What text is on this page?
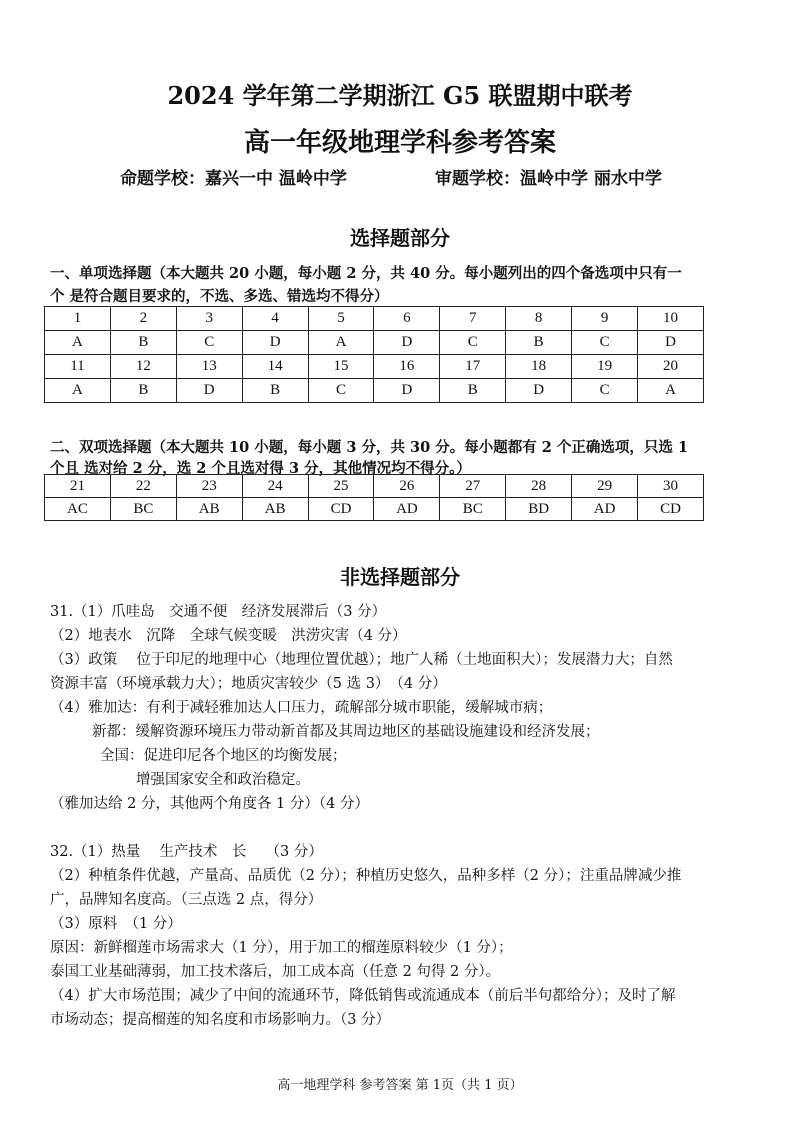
2024 学年第二学期浙江 G5 联盟期中联考
高一年级地理学科参考答案
命题学校：嘉兴一中 温岭中学	审题学校：温岭中学 丽水中学
选择题部分
一、单项选择题（本大题共 20 小题，每小题 2 分，共 40 分。每小题列出的四个备选项中只有一
个 是符合题目要求的，不选、多选、错选均不得分）
1	2	3	4	5	6	7	8	9	10
A	B	C	D	A	D	C	B	C	D
11	12	13	14	15	16	17	18	19	20
A	B	D	B	C	D	B	D	C	A
二、双项选择题（本大题共 10 小题，每小题 3 分，共 30 分。每小题都有 2 个正确选项，只选 1
个且 选对给 2 分，选 2 个且选对得 3 分，其他情况均不得分。）
21	22	23	24	25	26	27	28	29	30
AC	BC	AB	AB	CD	AD	BC	BD	AD	CD
非选择题部分
31.（1）爪哇岛　交通不便　经济发展滞后（3 分）
（2）地表水　沉降　全球气候变暖　洪涝灾害（4 分）
（3）政策　 位于印尼的地理中心（地理位置优越）；地广人稀（土地面积大）；发展潜力大；自然
资源丰富（环境承载力大）；地质灾害较少（5 选 3）　（4 分）
（4）雅加达：有利于减轻雅加达人口压力，疏解部分城市职能，缓解城市病；
新都：缓解资源环境压力带动新首都及其周边地区的基础设施建设和经济发展；
全国：促进印尼各个地区的均衡发展；
增强国家安全和政治稳定。
（雅加达给 2 分，其他两个角度各 1 分）（4 分）
32.（1）热量　 生产技术　长　 （3 分）
（2）种植条件优越，产量高、品质优（2 分）；种植历史悠久，品种多样（2 分）；注重品牌减少推
广，品牌知名度高。（三点选 2 点，得分）
（3）原料　（1 分）
原因：新鲜榴莲市场需求大（1 分），用于加工的榴莲原料较少（1 分）；
泰国工业基础薄弱，加工技术落后，加工成本高（任意 2 句得 2 分）。
（4）扩大市场范围；减少了中间的流通环节，降低销售或流通成本（前后半句都给分）；及时了解
市场动态；提高榴莲的知名度和市场影响力。（3 分）
高一地理学科 参考答案 第 1页（共 1 页）
